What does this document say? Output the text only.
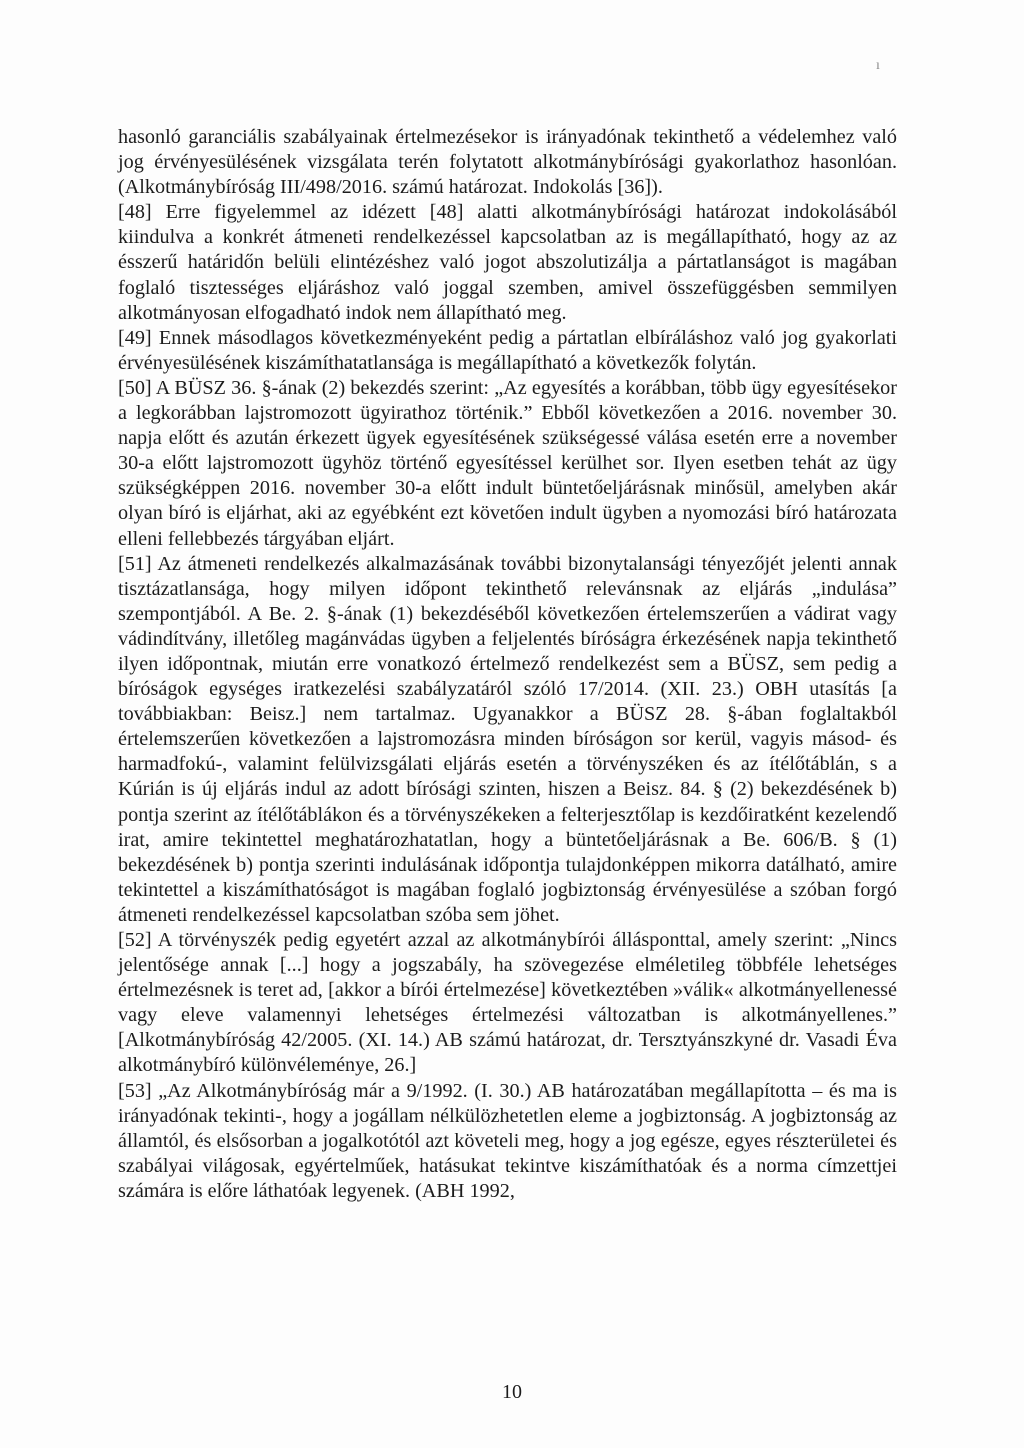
ı

hasonló garanciális szabályainak értelmezésekor is irányadónak tekinthető a védelemhez való jog érvényesülésének vizsgálata terén folytatott alkotmánybírósági gyakorlathoz hasonlóan. (Alkotmánybíróság III/498/2016. számú határozat. Indokolás [36]).

[48] Erre figyelemmel az idézett [48] alatti alkotmánybírósági határozat indokolásából kiindulva a konkrét átmeneti rendelkezéssel kapcsolatban az is megállapítható, hogy az az ésszerű határidőn belüli elintézéshez való jogot abszolutizálja a pártatlanságot is magában foglaló tisztességes eljáráshoz való joggal szemben, amivel összefüggésben semmilyen alkotmányosan elfogadható indok nem állapítható meg.

[49] Ennek másodlagos következményeként pedig a pártatlan elbíráláshoz való jog gyakorlati érvényesülésének kiszámíthatatlansága is megállapítható a következők folytán.

[50] A BÜSZ 36. §-ának (2) bekezdés szerint: „Az egyesítés a korábban, több ügy egyesítésekor a legkorábban lajstromozott ügyirathoz történik.” Ebből következően a 2016. november 30. napja előtt és azután érkezett ügyek egyesítésének szükségessé válása esetén erre a november 30-a előtt lajstromozott ügyhöz történő egyesítéssel kerülhet sor. Ilyen esetben tehát az ügy szükségképpen 2016. november 30-a előtt indult büntetőeljárásnak minősül, amelyben akár olyan bíró is eljárhat, aki az egyébként ezt követően indult ügyben a nyomozási bíró határozata elleni fellebbezés tárgyában eljárt.

[51] Az átmeneti rendelkezés alkalmazásának további bizonytalansági tényezőjét jelenti annak tisztázatlansága, hogy milyen időpont tekinthető relevánsnak az eljárás „indulása” szempontjából. A Be. 2. §-ának (1) bekezdéséből következően értelemszerűen a vádirat vagy vádindítvány, illetőleg magánvádas ügyben a feljelentés bíróságra érkezésének napja tekinthető ilyen időpontnak, miután erre vonatkozó értelmező rendelkezést sem a BÜSZ, sem pedig a bíróságok egységes iratkezelési szabályzatáról szóló 17/2014. (XII. 23.) OBH utasítás [a továbbiakban: Beisz.] nem tartalmaz. Ugyanakkor a BÜSZ 28. §-ában foglaltakból értelemszerűen következően a lajstromozásra minden bíróságon sor kerül, vagyis másod- és harmadfokú-, valamint felülvizsgálati eljárás esetén a törvényszéken és az ítélőtáblán, s a Kúrián is új eljárás indul az adott bírósági szinten, hiszen a Beisz. 84. § (2) bekezdésének b) pontja szerint az ítélőtáblákon és a törvényszékeken a felterjesztőlap is kezdőiratként kezelendő irat, amire tekintettel meghatározhatatlan, hogy a büntetőeljárásnak a Be. 606/B. § (1) bekezdésének b) pontja szerinti indulásának időpontja tulajdonképpen mikorra datálható, amire tekintettel a kiszámíthatóságot is magában foglaló jogbiztonság érvényesülése a szóban forgó átmeneti rendelkezéssel kapcsolatban szóba sem jöhet.

[52] A törvényszék pedig egyetért azzal az alkotmánybírói állásponttal, amely szerint: „Nincs jelentősége annak [...] hogy a jogszabály, ha szövegezése elméletileg többféle lehetséges értelmezésnek is teret ad, [akkor a bírói értelmezése] következtében »válik« alkotmányellenessé vagy eleve valamennyi lehetséges értelmezési változatban is alkotmányellenes.” [Alkotmánybíróság 42/2005. (XI. 14.) AB számú határozat, dr. Tersztyánszkyné dr. Vasadi Éva alkotmánybíró különvéleménye, 26.]

[53] „Az Alkotmánybíróság már a 9/1992. (I. 30.) AB határozatában megállapította – és ma is irányadónak tekinti-, hogy a jogállam nélkülözhetetlen eleme a jogbiztonság. A jogbiztonság az államtól, és elsősorban a jogalkotótól azt követeli meg, hogy a jog egésze, egyes részterületei és szabályai világosak, egyértelműek, hatásukat tekintve kiszámíthatóak és a norma címzettjei számára is előre láthatóak legyenek. (ABH 1992,

10
